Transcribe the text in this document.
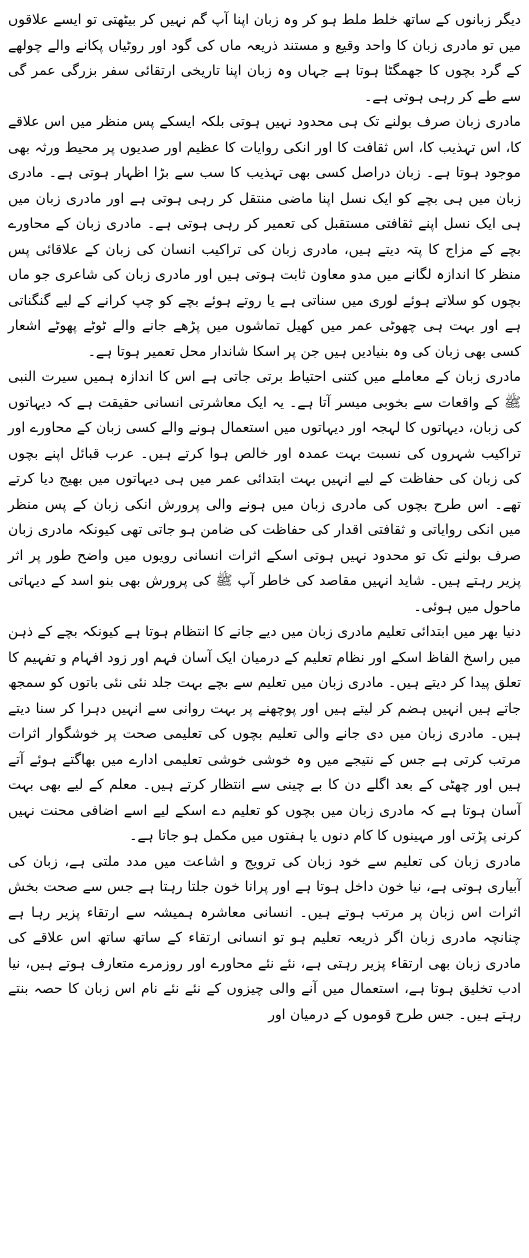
دیگر زبانوں کے ساتھ خلط ملط ہو کر وہ زبان اپنا آپ گم نہیں کر بیٹھتی تو ایسے علاقوں میں تو مادری زبان کا واحد وقیع و مستند ذریعہ ماں کی گود اور روٹیاں پکانے والے چولھے کے گرد بچوں کا جھمگٹا ہوتا ہے جہاں وہ زبان اپنا تاریخی ارتقائی سفر بزرگی عمر گی سے طے کر رہی ہوتی ہے۔

مادری زبان صرف بولنے تک ہی محدود نہیں ہوتی بلکہ ایسکے پس منظر میں اس علاقے کا، اس تہذیب کا، اس ثقافت کا اور انکی روایات کا عظیم اور صدیوں پر محیط ورثہ بھی موجود ہوتا ہے۔ زبان دراصل کسی بھی تہذیب کا سب سے بڑا اظہار ہوتی ہے۔ مادری زبان میں ہی بچے کو ایک نسل اپنا ماضی منتقل کر رہی ہوتی ہے اور مادری زبان میں ہی ایک نسل اپنے ثقافتی مستقبل کی تعمیر کر رہی ہوتی ہے۔ مادری زبان کے محاورے بچے کے مزاج کا پتہ دیتے ہیں، مادری زبان کی تراکیب انسان کی زبان کے علاقائی پس منظر کا اندازہ لگانے میں مدو معاون ثابت ہوتی ہیں اور مادری زبان کی شاعری جو ماں بچوں کو سلاتے ہوئے لوری میں سناتی ہے یا روتے ہوئے بچے کو چپ کرانے کے لیے گنگناتی ہے اور بہت ہی چھوٹی عمر میں کھیل تماشوں میں پڑھے جانے والے ٹوٹے پھوٹے اشعار کسی بھی زبان کی وہ بنیادیں ہیں جن پر اسکا شاندار محل تعمیر ہوتا ہے۔

مادری زبان کے معاملے میں کتنی احتیاط برتی جاتی ہے اس کا اندازہ ہمیں سیرت النبی ﷺ کے واقعات سے بخوبی میسر آتا ہے۔ یہ ایک معاشرتی انسانی حقیقت ہے کہ دیہاتوں کی زبان، دیہاتوں کا لہجہ اور دیہاتوں میں استعمال ہونے والے کسی زبان کے محاورے اور تراکیب شہروں کی نسبت بہت عمدہ اور خالص ہوا کرتے ہیں۔ عرب قبائل اپنے بچوں کی زبان کی حفاظت کے لیے انہیں بہت ابتدائی عمر میں ہی دیہاتوں میں بھیج دیا کرتے تھے۔ اس طرح بچوں کی مادری زبان میں ہونے والی پرورش انکی زبان کے پس منظر میں انکی روایاتی و ثقافتی اقدار کی حفاظت کی ضامن ہو جاتی تھی کیونکہ مادری زبان صرف بولنے تک تو محدود نہیں ہوتی اسکے اثرات انسانی رویوں میں واضح طور پر اثر پزیر رہتے ہیں۔ شاید انہیں مقاصد کی خاطر آپ ﷺ کی پرورش بھی بنو اسد کے دیہاتی ماحول میں ہوئی۔

دنیا بھر میں ابتدائی تعلیم مادری زبان میں دیے جانے کا انتظام ہوتا ہے کیونکہ بچے کے ذہن میں راسخ الفاظ اسکے اور نظام تعلیم کے درمیان ایک آسان فہم اور زود افہام و تفہیم کا تعلق پیدا کر دیتے ہیں۔ مادری زبان میں تعلیم سے بچے بہت جلد نئی نئی باتوں کو سمجھ جاتے ہیں انہیں ہضم کر لیتے ہیں اور پوچھنے پر بہت روانی سے انہیں دہرا کر سنا دیتے ہیں۔ مادری زبان میں دی جانے والی تعلیم بچوں کی تعلیمی صحت پر خوشگوار اثرات مرتب کرتی ہے جس کے نتیجے میں وہ خوشی خوشی تعلیمی ادارے میں بھاگتے ہوئے آتے ہیں اور چھٹی کے بعد اگلے دن کا بے چینی سے انتظار کرتے ہیں۔ معلم کے لیے بھی بہت آسان ہوتا ہے کہ مادری زبان میں بچوں کو تعلیم دے اسکے لیے اسے اضافی محنت نہیں کرنی پڑتی اور مہینوں کا کام دنوں یا ہفتوں میں مکمل ہو جاتا ہے۔

مادری زبان کی تعلیم سے خود زبان کی ترویج و اشاعت میں مدد ملتی ہے، زبان کی آبیاری ہوتی ہے، نیا خون داخل ہوتا ہے اور پرانا خون جلتا رہتا ہے جس سے صحت بخش اثرات اس زبان پر مرتب ہوتے ہیں۔ انسانی معاشرہ ہمیشہ سے ارتقاء پزیر رہا ہے چنانچہ مادری زبان اگر ذریعہ تعلیم ہو تو انسانی ارتقاء کے ساتھ ساتھ اس علاقے کی مادری زبان بھی ارتقاء پزیر رہتی ہے، نئے نئے محاورے اور روزمرے متعارف ہوتے ہیں، نیا ادب تخلیق ہوتا ہے، استعمال میں آنے والی چیزوں کے نئے نئے نام اس زبان کا حصہ بنتے رہتے ہیں۔ جس طرح قوموں کے درمیان اور
